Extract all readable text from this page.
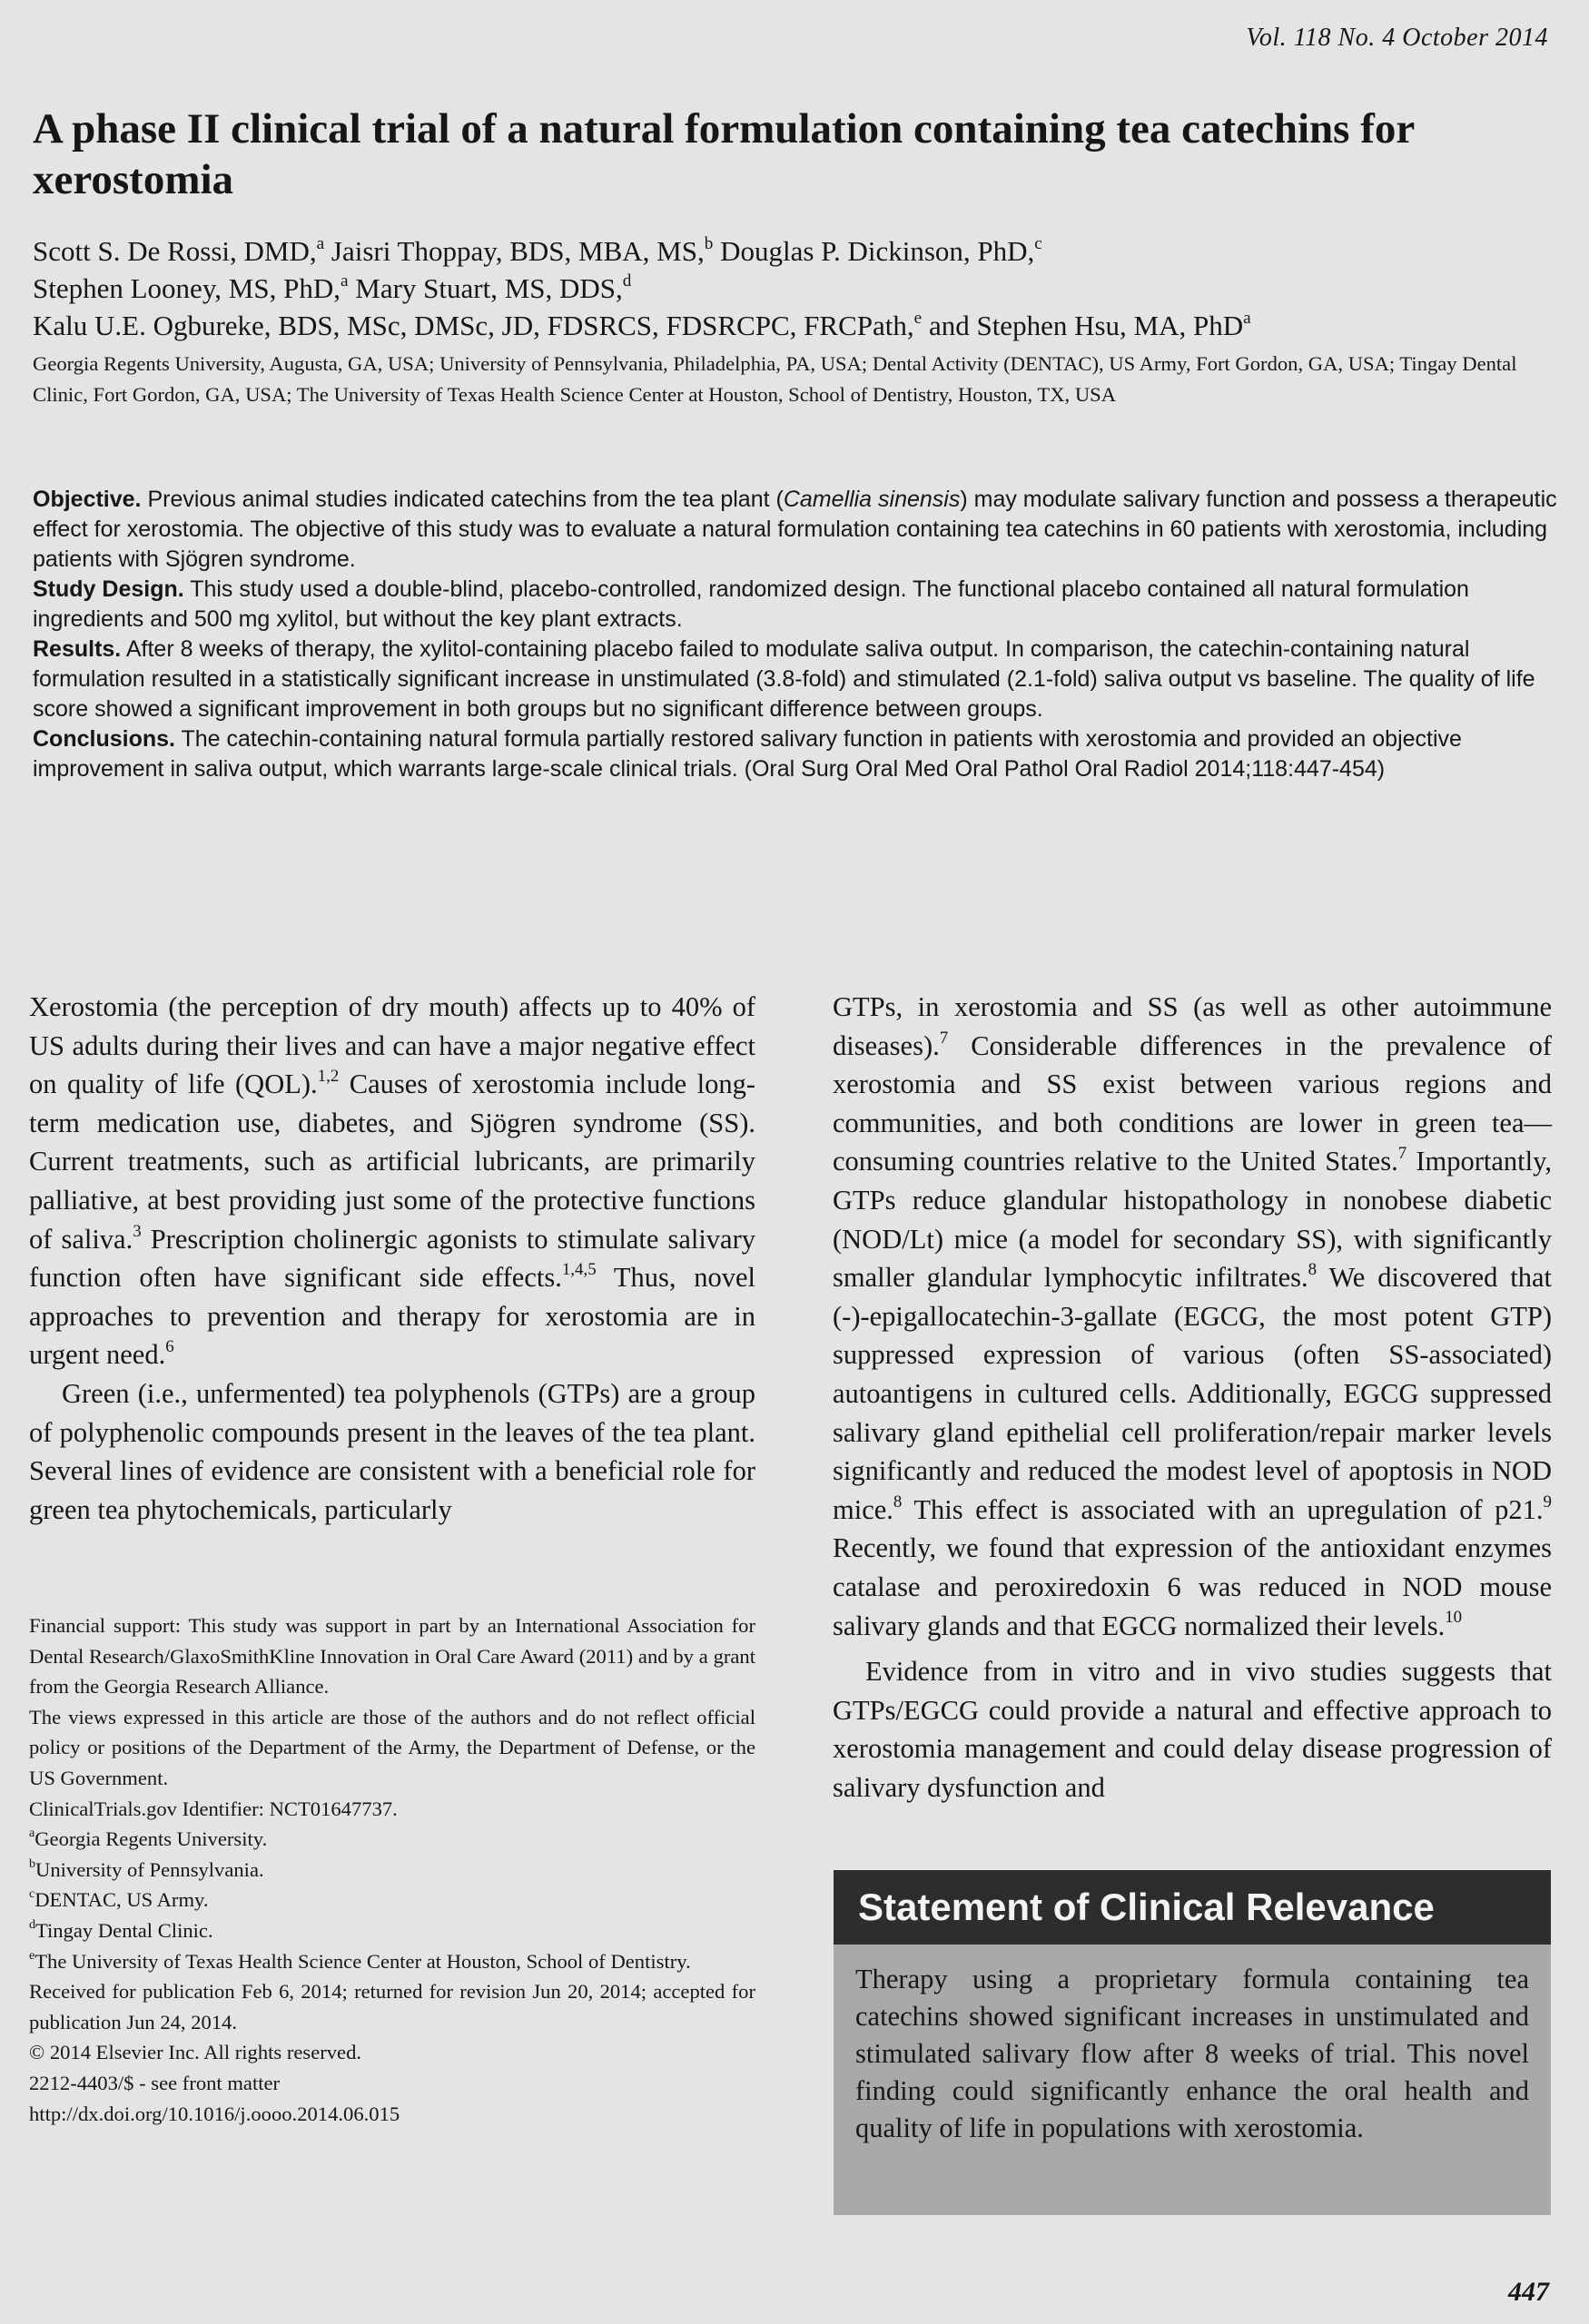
Vol. 118 No. 4 October 2014
A phase II clinical trial of a natural formulation containing tea catechins for xerostomia
Scott S. De Rossi, DMD,$^a$ Jaisri Thoppay, BDS, MBA, MS,$^b$ Douglas P. Dickinson, PhD,$^c$
Stephen Looney, MS, PhD,$^a$ Mary Stuart, MS, DDS,$^d$
Kalu U.E. Ogbureke, BDS, MSc, DMSc, JD, FDSRCS, FDSRCPC, FRCPath,$^e$ and Stephen Hsu, MA, PhD$^a$
Georgia Regents University, Augusta, GA, USA; University of Pennsylvania, Philadelphia, PA, USA; Dental Activity (DENTAC), US Army, Fort Gordon, GA, USA; Tingay Dental Clinic, Fort Gordon, GA, USA; The University of Texas Health Science Center at Houston, School of Dentistry, Houston, TX, USA

Objective. Previous animal studies indicated catechins from the tea plant (Camellia sinensis) may modulate salivary function and possess a therapeutic effect for xerostomia. The objective of this study was to evaluate a natural formulation containing tea catechins in 60 patients with xerostomia, including patients with Sjögren syndrome.

Study Design. This study used a double-blind, placebo-controlled, randomized design. The functional placebo contained all natural formulation ingredients and 500 mg xylitol, but without the key plant extracts.

Results. After 8 weeks of therapy, the xylitol-containing placebo failed to modulate saliva output. In comparison, the catechin-containing natural formulation resulted in a statistically significant increase in unstimulated (3.8-fold) and stimulated (2.1-fold) saliva output vs baseline. The quality of life score showed a significant improvement in both groups but no significant difference between groups.

Conclusions. The catechin-containing natural formula partially restored salivary function in patients with xerostomia and provided an objective improvement in saliva output, which warrants large-scale clinical trials. (Oral Surg Oral Med Oral Pathol Oral Radiol 2014;118:447-454)

Xerostomia (the perception of dry mouth) affects up to 40% of US adults during their lives and can have a major negative effect on quality of life (QOL).$^{1,2}$ Causes of xerostomia include long-term medication use, diabetes, and Sjögren syndrome (SS). Current treatments, such as artificial lubricants, are primarily palliative, at best providing just some of the protective functions of saliva.$^3$ Prescription cholinergic agonists to stimulate salivary function often have significant side effects.$^{1,4,5}$ Thus, novel approaches to prevention and therapy for xerostomia are in urgent need.$^6$

Green (i.e., unfermented) tea polyphenols (GTPs) are a group of polyphenolic compounds present in the leaves of the tea plant. Several lines of evidence are consistent with a beneficial role for green tea phytochemicals, particularly

GTPs, in xerostomia and SS (as well as other autoimmune diseases).$^7$ Considerable differences in the prevalence of xerostomia and SS exist between various regions and communities, and both conditions are lower in green tea—consuming countries relative to the United States.$^7$ Importantly, GTPs reduce glandular histopathology in nonobese diabetic (NOD/Lt) mice (a model for secondary SS), with significantly smaller glandular lymphocytic infiltrates.$^8$ We discovered that (-)-epigallocatechin-3-gallate (EGCG, the most potent GTP) suppressed expression of various (often SS-associated) autoantigens in cultured cells. Additionally, EGCG suppressed salivary gland epithelial cell proliferation/repair marker levels significantly and reduced the modest level of apoptosis in NOD mice.$^8$ This effect is associated with an upregulation of p21.$^9$ Recently, we found that expression of the antioxidant enzymes catalase and peroxiredoxin 6 was reduced in NOD mouse salivary glands and that EGCG normalized their levels.$^{10}$

Evidence from in vitro and in vivo studies suggests that GTPs/EGCG could provide a natural and effective approach to xerostomia management and could delay disease progression of salivary dysfunction and

Financial support: This study was support in part by an International Association for Dental Research/GlaxoSmithKline Innovation in Oral Care Award (2011) and by a grant from the Georgia Research Alliance.

The views expressed in this article are those of the authors and do not reflect official policy or positions of the Department of the Army, the Department of Defense, or the US Government.

ClinicalTrials.gov Identifier: NCT01647737.

$^a$Georgia Regents University.

$^b$University of Pennsylvania.

$^c$DENTAC, US Army.

$^d$Tingay Dental Clinic.

$^e$The University of Texas Health Science Center at Houston, School of Dentistry.

Received for publication Feb 6, 2014; returned for revision Jun 20, 2014; accepted for publication Jun 24, 2014.

© 2014 Elsevier Inc. All rights reserved.

2212-4403/$ - see front matter

http://dx.doi.org/10.1016/j.oooo.2014.06.015

Statement of Clinical Relevance
Therapy using a proprietary formula containing tea catechins showed significant increases in unstimulated and stimulated salivary flow after 8 weeks of trial. This novel finding could significantly enhance the oral health and quality of life in populations with xerostomia.
447
